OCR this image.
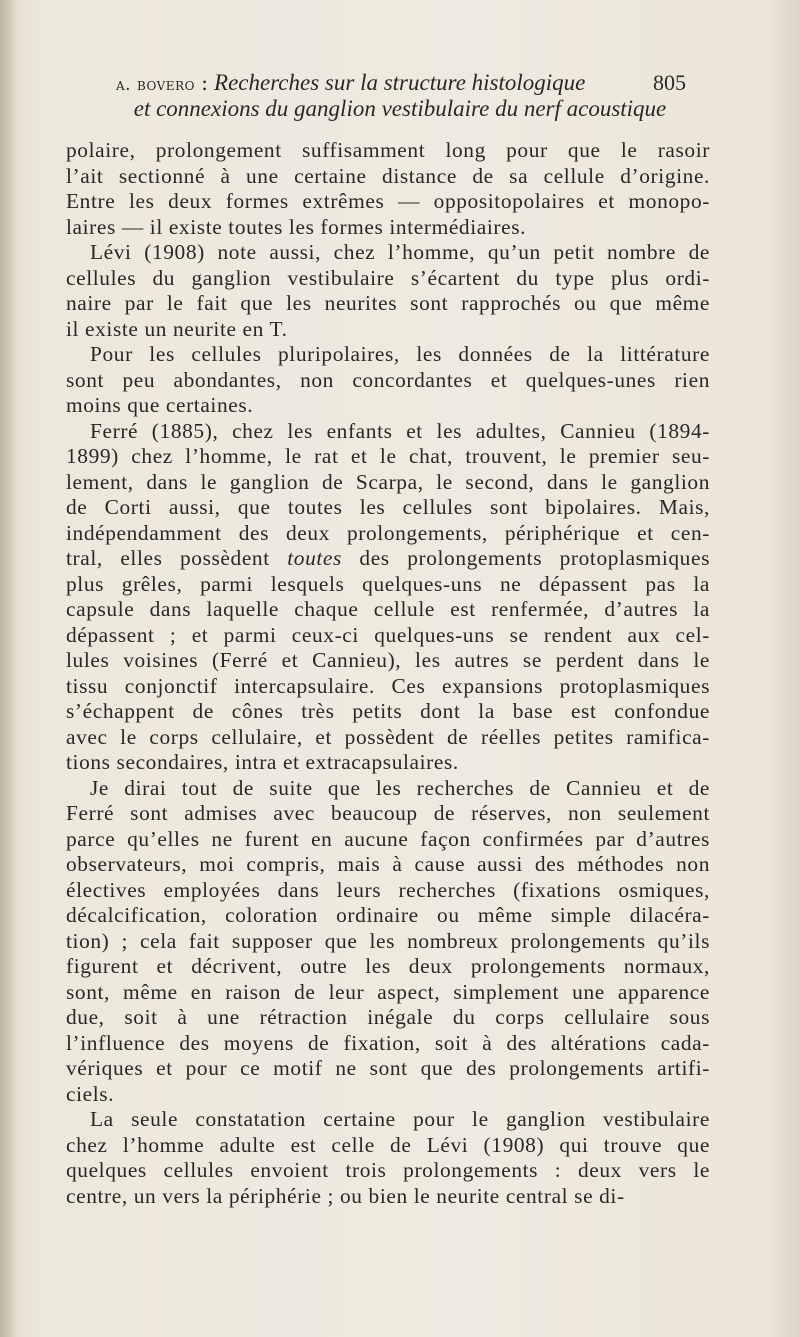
a. bovero : Recherches sur la structure histologique	805
et connexions du ganglion vestibulaire du nerf acoustique
polaire, prolongement suffisamment long pour que le rasoir
l’ait sectionné à une certaine distance de sa cellule d’origine.
Entre les deux formes extrêmes — oppositopolaires et monopo-
laires — il existe toutes les formes intermédiaires.
Lévi (1908) note aussi, chez l’homme, qu’un petit nombre de
cellules du ganglion vestibulaire s’écartent du type plus ordi-
naire par le fait que les neurites sont rapprochés ou que même
il existe un neurite en T.
Pour les cellules pluripolaires, les données de la littérature
sont peu abondantes, non concordantes et quelques-unes rien
moins que certaines.
Ferré (1885), chez les enfants et les adultes, Cannieu (1894-
1899) chez l’homme, le rat et le chat, trouvent, le premier seu-
lement, dans le ganglion de Scarpa, le second, dans le ganglion
de Corti aussi, que toutes les cellules sont bipolaires. Mais,
indépendamment des deux prolongements, périphérique et cen-
tral, elles possèdent toutes des prolongements protoplasmiques
plus grêles, parmi lesquels quelques-uns ne dépassent pas la
capsule dans laquelle chaque cellule est renfermée, d’autres la
dépassent ; et parmi ceux-ci quelques-uns se rendent aux cel-
lules voisines (Ferré et Cannieu), les autres se perdent dans le
tissu conjonctif intercapsulaire. Ces expansions protoplasmiques
s’échappent de cônes très petits dont la base est confondue
avec le corps cellulaire, et possèdent de réelles petites ramifica-
tions secondaires, intra et extracapsulaires.
Je dirai tout de suite que les recherches de Cannieu et de
Ferré sont admises avec beaucoup de réserves, non seulement
parce qu’elles ne furent en aucune façon confirmées par d’autres
observateurs, moi compris, mais à cause aussi des méthodes non
électives employées dans leurs recherches (fixations osmiques,
décalcification, coloration ordinaire ou même simple dilacéra-
tion) ; cela fait supposer que les nombreux prolongements qu’ils
figurent et décrivent, outre les deux prolongements normaux,
sont, même en raison de leur aspect, simplement une apparence
due, soit à une rétraction inégale du corps cellulaire sous
l’influence des moyens de fixation, soit à des altérations cada-
vériques et pour ce motif ne sont que des prolongements artifi-
ciels.
La seule constatation certaine pour le ganglion vestibulaire
chez l’homme adulte est celle de Lévi (1908) qui trouve que
quelques cellules envoient trois prolongements : deux vers le
centre, un vers la périphérie ; ou bien le neurite central se di-
